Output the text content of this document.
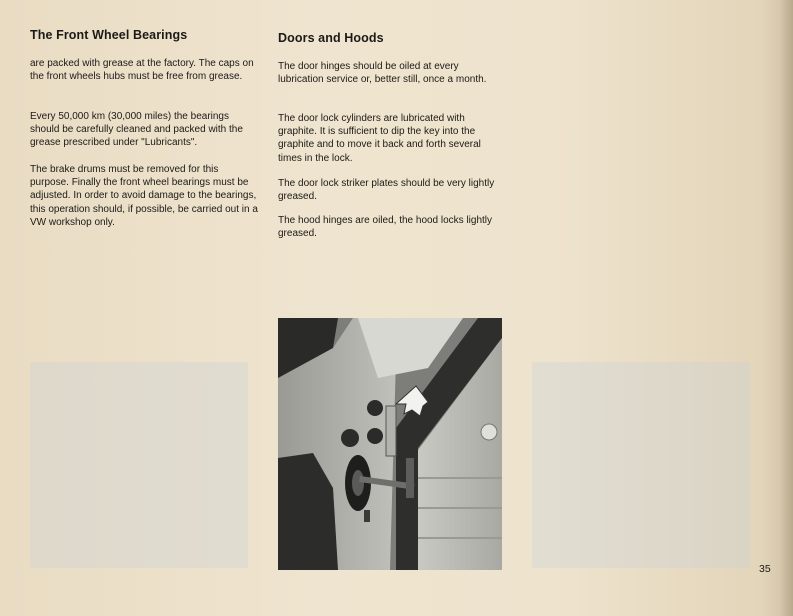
The Front Wheel Bearings

are packed with grease at the factory. The caps on the front wheels hubs must be free from grease.

Every 50,000 km (30,000 miles) the bearings should be carefully cleaned and packed with the grease prescribed under "Lubricants".

The brake drums must be removed for this purpose. Finally the front wheel bearings must be adjusted. In order to avoid damage to the bearings, this operation should, if possible, be carried out in a VW workshop only.

Doors and Hoods

The door hinges should be oiled at every lubrication service or, better still, once a month.

The door lock cylinders are lubricated with graphite. It is sufficient to dip the key into the graphite and to move it back and forth several times in the lock.

The door lock striker plates should be very lightly greased.

The hood hinges are oiled, the hood locks lightly greased.

35
